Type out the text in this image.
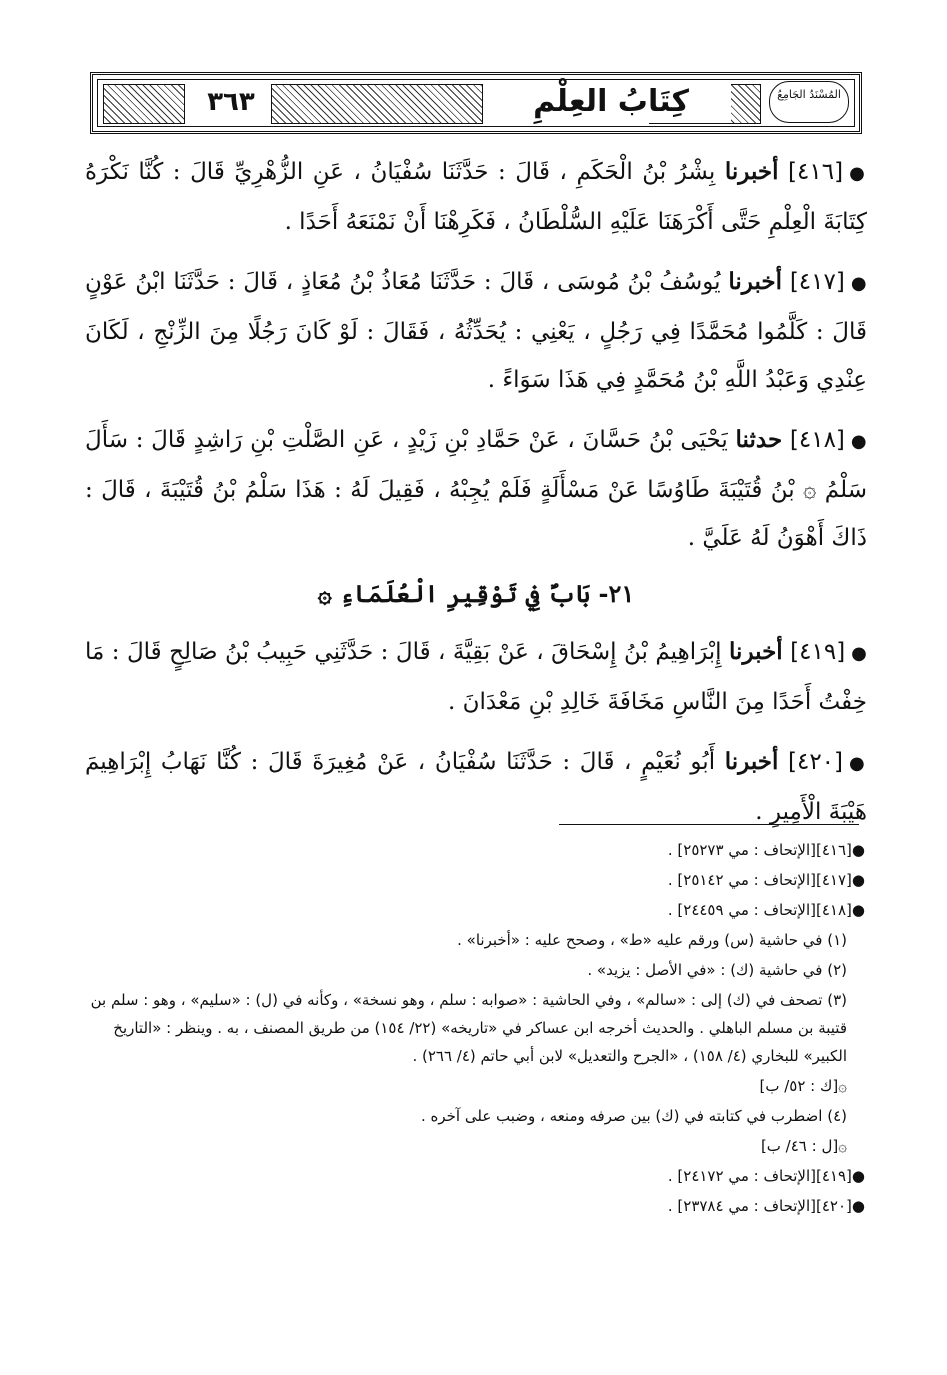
٣٦٣	كِتَابُ العِلْمِ	المُسْنَدُ الجَامِعُ

●[٤١٦] أخبرنا بِشْرُ بْنُ الْحَكَمِ ، قَالَ : حَدَّثَنَا سُفْيَانُ ، عَنِ الزُّهْرِيِّ قَالَ : كُنَّا نَكْرَهُ كِتَابَةَ الْعِلْمِ حَتَّى أَكْرَهَنَا عَلَيْهِ السُّلْطَانُ ، فَكَرِهْنَا أَنْ نَمْنَعَهُ أَحَدًا .

●[٤١٧] أخبرنا يُوسُفُ بْنُ مُوسَى ، قَالَ : حَدَّثَنَا مُعَاذُ بْنُ مُعَاذٍ ، قَالَ : حَدَّثَنَا ابْنُ عَوْنٍ قَالَ : كَلَّمُوا مُحَمَّدًا فِي رَجُلٍ ، يَعْنِي : يُحَدِّثُهُ ، فَقَالَ : لَوْ كَانَ رَجُلًا مِنَ الزِّنْجِ ، لَكَانَ عِنْدِي وَعَبْدُ اللَّهِ بْنُ مُحَمَّدٍ فِي هَذَا سَوَاءً .

●[٤١٨] حدثنا يَحْيَى بْنُ حَسَّانَ ، عَنْ حَمَّادِ بْنِ زَيْدٍ ، عَنِ الصَّلْتِ بْنِ رَاشِدٍ قَالَ : سَأَلَ سَلْمُ ۞ بْنُ قُتَيْبَةَ طَاوُسًا عَنْ مَسْأَلَةٍ فَلَمْ يُجِبْهُ ، فَقِيلَ لَهُ : هَذَا سَلْمُ بْنُ قُتَيْبَةَ ، قَالَ : ذَاكَ أَهْوَنُ لَهُ عَلَيَّ .

٢١- بَابٌ فِي تَوْقِيرِ الْعُلَمَاءِ ۞

●[٤١٩] أخبرنا إِبْرَاهِيمُ بْنُ إِسْحَاقَ ، عَنْ بَقِيَّةَ ، قَالَ : حَدَّثَنِي حَبِيبُ بْنُ صَالِحٍ قَالَ : مَا خِفْتُ أَحَدًا مِنَ النَّاسِ مَخَافَةَ خَالِدِ بْنِ مَعْدَانَ .

●[٤٢٠] أخبرنا أَبُو نُعَيْمٍ ، قَالَ : حَدَّثَنَا سُفْيَانُ ، عَنْ مُغِيرَةَ قَالَ : كُنَّا نَهَابُ إِبْرَاهِيمَ هَيْبَةَ الْأَمِيرِ .

●[٤١٦][الإتحاف : مي ٢٥٢٧٣] .
●[٤١٧][الإتحاف : مي ٢٥١٤٢] .
●[٤١٨][الإتحاف : مي ٢٤٤٥٩] .
(١) في حاشية (س) ورقم عليه «ط» ، وصحح عليه : «أخبرنا» .
(٢) في حاشية (ك) : «في الأصل : يزيد» .
(٣) تصحف في (ك) إلى : «سالم» ، وفي الحاشية : «صوابه : سلم ، وهو نسخة» ، وكأنه في (ل) : «سليم» ، وهو : سلم بن قتيبة بن مسلم الباهلي . والحديث أخرجه ابن عساكر في «تاريخه» (٢٢/ ١٥٤) من طريق المصنف ، به . وينظر : «التاريخ الكبير» للبخاري (٤/ ١٥٨) ، «الجرح والتعديل» لابن أبي حاتم (٤/ ٢٦٦) .
۞[ك : ٥٢/ ب]
(٤) اضطرب في كتابته في (ك) بين صرفه ومنعه ، وضبب على آخره .
۞[ل : ٤٦/ ب]
●[٤١٩][الإتحاف : مي ٢٤١٧٢] .
●[٤٢٠][الإتحاف : مي ٢٣٧٨٤] .
